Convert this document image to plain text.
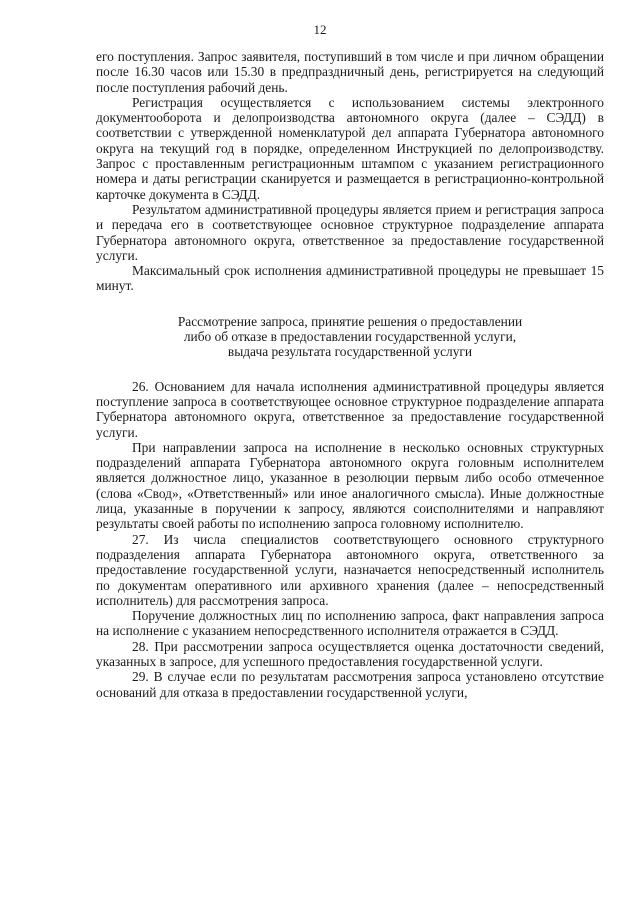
12

его поступления. Запрос заявителя, поступивший в том числе и при личном обращении после 16.30 часов или 15.30 в предпраздничный день, регистрируется на следующий после поступления рабочий день.

Регистрация осуществляется с использованием системы электронного документооборота и делопроизводства автономного округа (далее – СЭДД) в соответствии с утвержденной номенклатурой дел аппарата Губернатора автономного округа на текущий год в порядке, определенном Инструкцией по делопроизводству. Запрос с проставленным регистрационным штампом с указанием регистрационного номера и даты регистрации сканируется и размещается в регистрационно-контрольной карточке документа в СЭДД.

Результатом административной процедуры является прием и регистрация запроса и передача его в соответствующее основное структурное подразделение аппарата Губернатора автономного округа, ответственное за предоставление государственной услуги.

Максимальный срок исполнения административной процедуры не превышает 15 минут.

Рассмотрение запроса, принятие решения о предоставлении
либо об отказе в предоставлении государственной услуги,
выдача результата государственной услуги

26. Основанием для начала исполнения административной процедуры является поступление запроса в соответствующее основное структурное подразделение аппарата Губернатора автономного округа, ответственное за предоставление государственной услуги.

При направлении запроса на исполнение в несколько основных структурных подразделений аппарата Губернатора автономного округа головным исполнителем является должностное лицо, указанное в резолюции первым либо особо отмеченное (слова «Свод», «Ответственный» или иное аналогичного смысла). Иные должностные лица, указанные в поручении к запросу, являются соисполнителями и направляют результаты своей работы по исполнению запроса головному исполнителю.

27. Из числа специалистов соответствующего основного структурного подразделения аппарата Губернатора автономного округа, ответственного за предоставление государственной услуги, назначается непосредственный исполнитель по документам оперативного или архивного хранения (далее – непосредственный исполнитель) для рассмотрения запроса.

Поручение должностных лиц по исполнению запроса, факт направления запроса на исполнение с указанием непосредственного исполнителя отражается в СЭДД.

28. При рассмотрении запроса осуществляется оценка достаточности сведений, указанных в запросе, для успешного предоставления государственной услуги.

29. В случае если по результатам рассмотрения запроса установлено отсутствие оснований для отказа в предоставлении государственной услуги,
